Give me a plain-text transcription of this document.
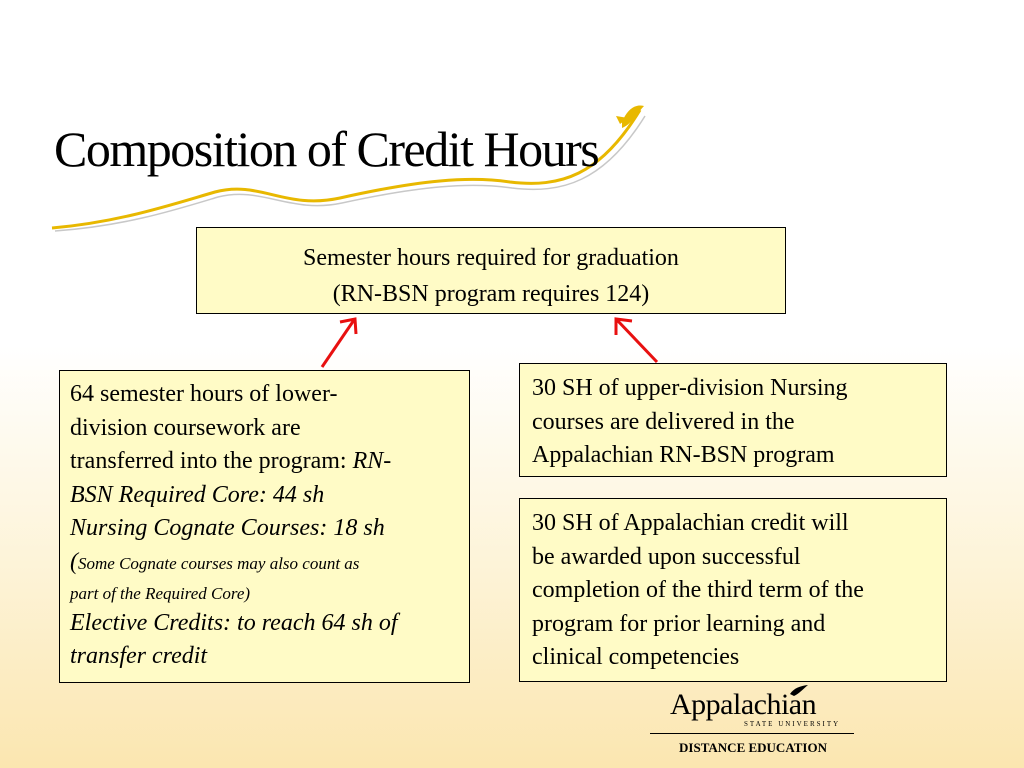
Composition of Credit Hours
Semester hours required for graduation
(RN-BSN program requires 124)
64 semester hours of lower-
division coursework are
transferred into the program: RN-
BSN Required Core: 44 sh
Nursing Cognate Courses: 18 sh
(Some Cognate courses may also count as
part of the Required Core)
Elective Credits: to reach 64 sh of
transfer credit
30 SH of upper-division Nursing
courses are delivered in the
Appalachian RN-BSN program
30 SH of Appalachian credit will
be awarded upon successful
completion of the third term of the
program for prior learning and
clinical competencies
Appalachian
STATE UNIVERSITY
DISTANCE EDUCATION
